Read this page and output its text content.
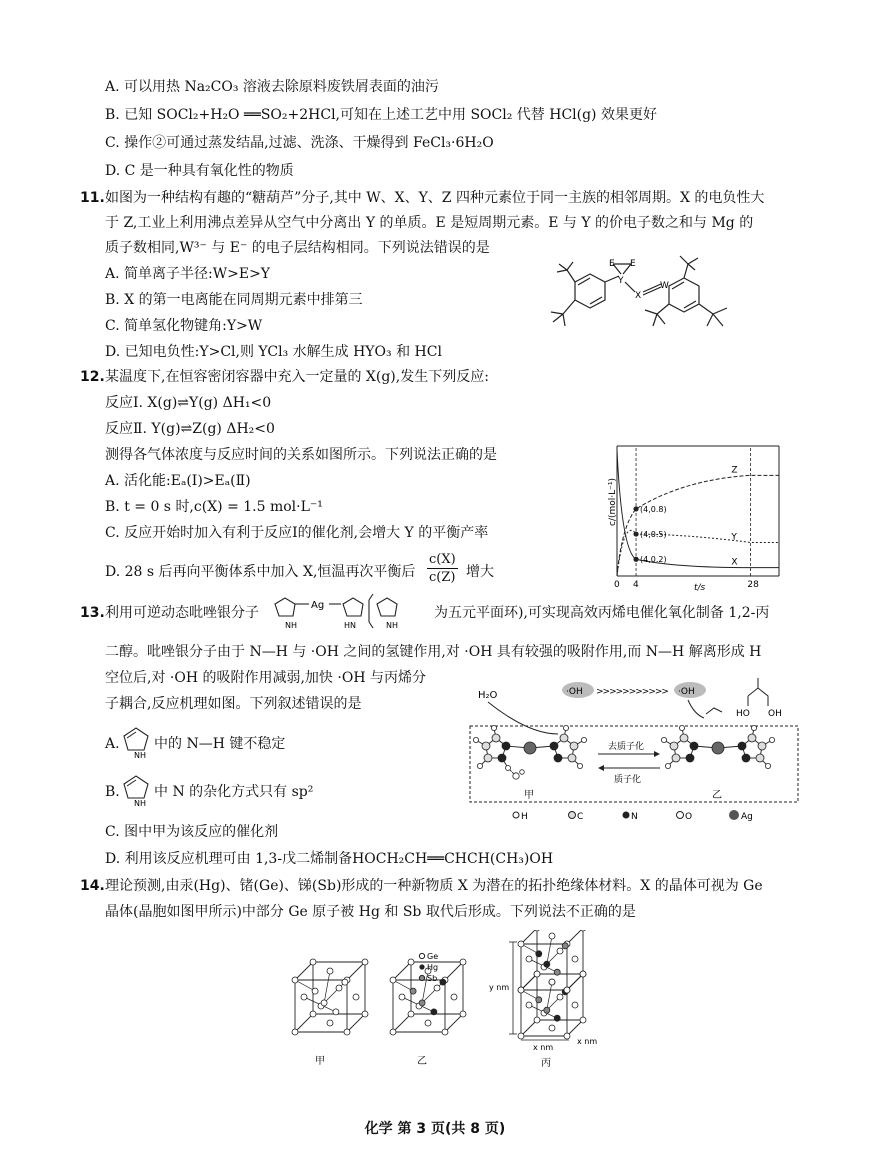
A. 可以用热 Na₂CO₃ 溶液去除原料废铁屑表面的油污
B. 已知 SOCl₂+H₂O ══SO₂+2HCl,可知在上述工艺中用 SOCl₂ 代替 HCl(g) 效果更好
C. 操作②可通过蒸发结晶,过滤、洗涤、干燥得到 FeCl₃·6H₂O
D. C 是一种具有氧化性的物质
11. 如图为一种结构有趣的“糖葫芦”分子,其中 W、X、Y、Z 四种元素位于同一主族的相邻周期。X 的电负性大
于 Z,工业上利用沸点差异从空气中分离出 Y 的单质。E 是短周期元素。E 与 Y 的价电子数之和与 Mg 的
质子数相同,W³⁻ 与 E⁻ 的电子层结构相同。下列说法错误的是
A. 简单离子半径:W>E>Y
B. X 的第一电离能在同周期元素中排第三
C. 简单氢化物键角:Y>W
D. 已知电负性:Y>Cl,则 YCl₃ 水解生成 HYO₃ 和 HCl
E E
Y
X
W
12. 某温度下,在恒容密闭容器中充入一定量的 X(g),发生下列反应:
反应Ⅰ. X(g)⇌Y(g) ΔH₁<0
反应Ⅱ. Y(g)⇌Z(g) ΔH₂<0
测得各气体浓度与反应时间的关系如图所示。下列说法正确的是
A. 活化能:Eₐ(Ⅰ)>Eₐ(Ⅱ)
B. t = 0 s 时,c(X) = 1.5 mol·L⁻¹
C. 反应开始时加入有利于反应Ⅰ的催化剂,会增大 Y 的平衡产率
D. 28 s 后再向平衡体系中加入 X,恒温再次平衡后
c(X)
c(Z) 增大
c/(mol·L⁻¹)
t/s
0 4	28
Z
Y
X
(4,0.8)
(4,0.5)
(4,0.2)
13. 利用可逆动态吡唑银分子
NH
Ag
HN	NH
为五元平面环),可实现高效丙烯电催化氧化制备 1,2-丙
二醇。吡唑银分子由于 N—H 与 ·OH 之间的氢键作用,对 ·OH 具有较强的吸附作用,而 N—H 解离形成 H
空位后,对 ·OH 的吸附作用减弱,加快 ·OH 与丙烯分
子耦合,反应机理如图。下列叙述错误的是
A.
NH
中的 N—H 键不稳定
B.
NH
中 N 的杂化方式只有 sp²
C. 图中甲为该反应的催化剂
D. 利用该反应机理可由 1,3-戊二烯制备HOCH₂CH══CHCH(CH₃)OH
H₂O	·OH >>>>>>>>>>> ·OH
HO OH
去质子化
质子化
甲	乙
H	C	N	O	Ag
14. 理论预测,由汞(Hg)、锗(Ge)、锑(Sb)形成的一种新物质 X 为潜在的拓扑绝缘体材料。X 的晶体可视为 Ge
晶体(晶胞如图甲所示)中部分 Ge 原子被 Hg 和 Sb 取代后形成。下列说法不正确的是
Ge
Hg
Sb
甲	乙	丙
y nm
x nm
x nm
化学 第 3 页(共 8 页)
